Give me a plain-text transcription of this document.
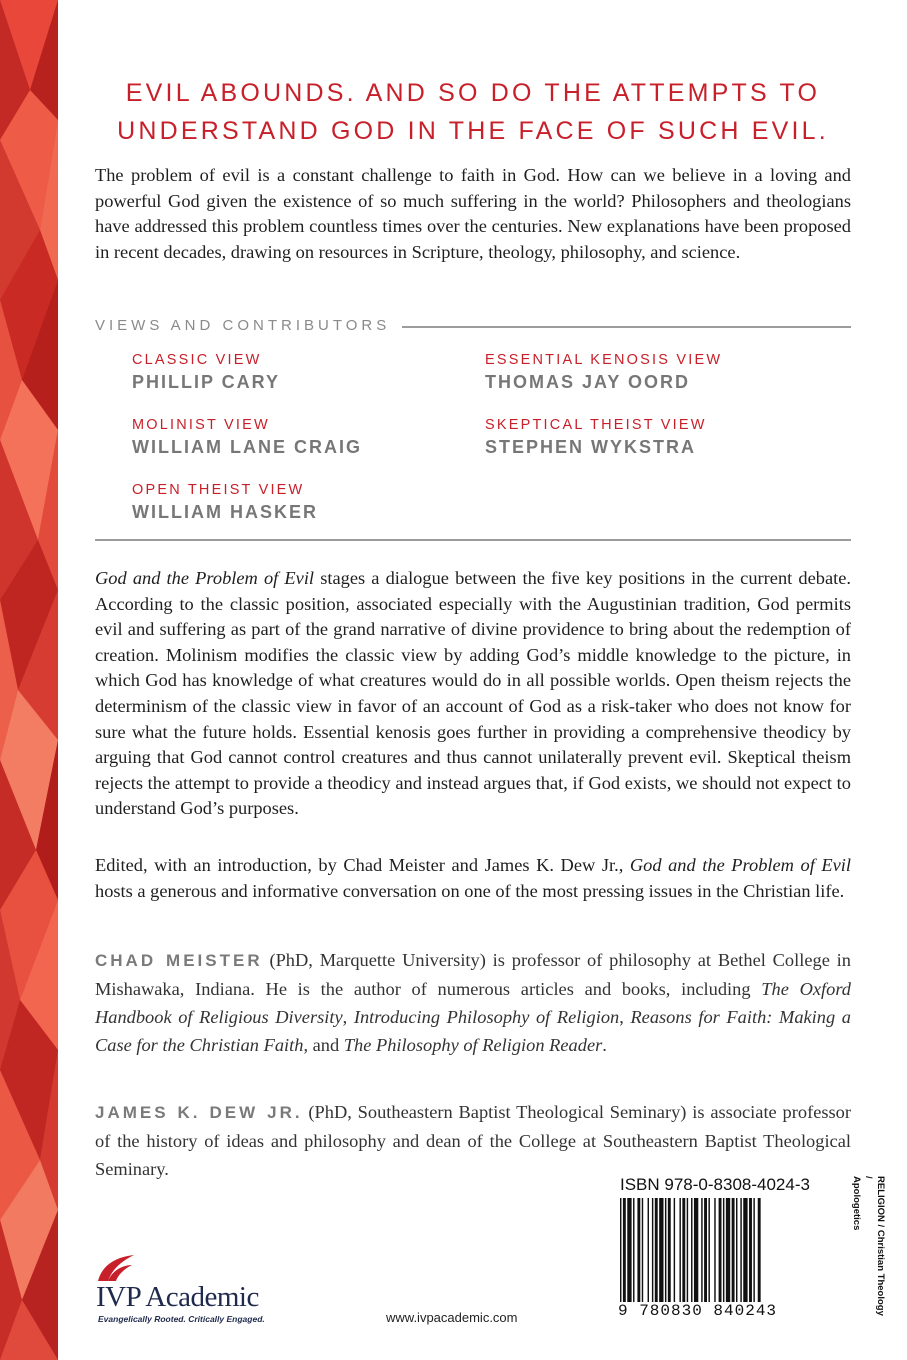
EVIL ABOUNDS. AND SO DO THE ATTEMPTS TO
UNDERSTAND GOD IN THE FACE OF SUCH EVIL.
The problem of evil is a constant challenge to faith in God. How can we believe in a loving and powerful God given the existence of so much suffering in the world? Philosophers and theologians have addressed this problem countless times over the centuries. New explanations have been proposed in recent decades, drawing on resources in Scripture, theology, philosophy, and science.
VIEWS AND CONTRIBUTORS
CLASSIC VIEW
PHILLIP CARY
ESSENTIAL KENOSIS VIEW
THOMAS JAY OORD
MOLINIST VIEW
WILLIAM LANE CRAIG
SKEPTICAL THEIST VIEW
STEPHEN WYKSTRA
OPEN THEIST VIEW
WILLIAM HASKER
God and the Problem of Evil stages a dialogue between the five key positions in the current debate. According to the classic position, associated especially with the Augustinian tradition, God permits evil and suffering as part of the grand narrative of divine providence to bring about the redemption of creation. Molinism modifies the classic view by adding God’s middle knowledge to the picture, in which God has knowledge of what creatures would do in all possible worlds. Open theism rejects the determinism of the classic view in favor of an account of God as a risk-taker who does not know for sure what the future holds. Essential kenosis goes further in providing a comprehensive theodicy by arguing that God cannot control creatures and thus cannot unilaterally prevent evil. Skeptical theism rejects the attempt to provide a theodicy and instead argues that, if God exists, we should not expect to understand God’s purposes.
Edited, with an introduction, by Chad Meister and James K. Dew Jr., God and the Problem of Evil hosts a generous and informative conversation on one of the most pressing issues in the Christian life.
CHAD MEISTER (PhD, Marquette University) is professor of philosophy at Bethel College in Mishawaka, Indiana. He is the author of numerous articles and books, including The Oxford Handbook of Religious Diversity, Introducing Philosophy of Religion, Reasons for Faith: Making a Case for the Christian Faith, and The Philosophy of Religion Reader.
JAMES K. DEW JR. (PhD, Southeastern Baptist Theological Seminary) is associate professor of the history of ideas and philosophy and dean of the College at Southeastern Baptist Theological Seminary.
ISBN 978-0-8308-4024-3
9 780830 840243	RELIGION / Christian Theology /
Apologetics
IVP Academic
Evangelically Rooted. Critically Engaged.	www.ivpacademic.com
